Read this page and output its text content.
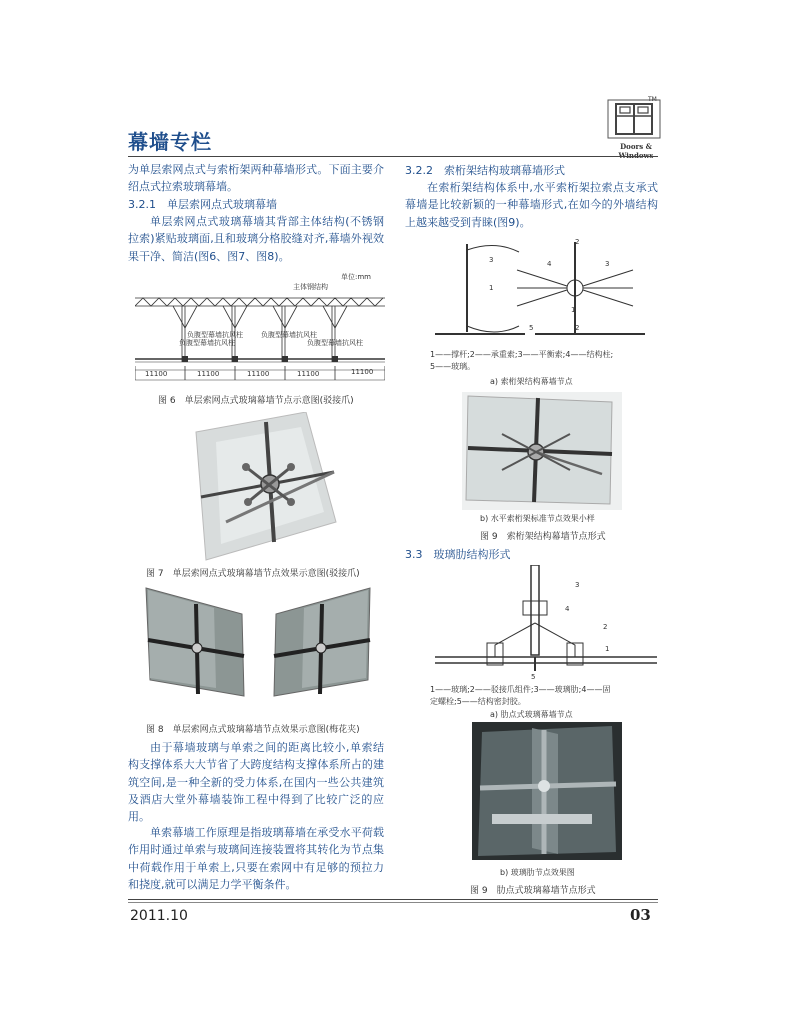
幕墙专栏
TM
Doors & Windows

为单层索网点式与索桁架两种幕墙形式。下面主要介绍点式拉索玻璃幕墙。

3.2.1　单层索网点式玻璃幕墙

单层索网点式玻璃幕墙其背部主体结构(不锈钢拉索)紧贴玻璃面,且和玻璃分格胶缝对齐,幕墙外视效果干净、简洁(图6、图7、图8)。

单位:mm
主体钢结构
负腹型幕墙抗风柱	负腹型幕墙抗风柱
负腹型幕墙抗风柱	负腹型幕墙抗风柱
11100	11100	11100	11100	11100
图 6　单层索网点式玻璃幕墙节点示意图(驳接爪)
图 7　单层索网点式玻璃幕墙节点效果示意图(驳接爪)
图 8　单层索网点式玻璃幕墙节点效果示意图(梅花夹)

由于幕墙玻璃与单索之间的距离比较小,单索结构支撑体系大大节省了大跨度结构支撑体系所占的建筑空间,是一种全新的受力体系,在国内一些公共建筑及酒店大堂外幕墙装饰工程中得到了比较广泛的应用。

单索幕墙工作原理是指玻璃幕墙在承受水平荷载作用时通过单索与玻璃间连接装置将其转化为节点集中荷载作用于单索上,只要在索网中有足够的预拉力和挠度,就可以满足力学平衡条件。

3.2.2　索桁架结构玻璃幕墙形式

在索桁架结构体系中,水平索桁架拉索点支承式幕墙是比较新颖的一种幕墙形式,在如今的外墙结构上越来越受到青睐(图9)。

3
1
4
2
3
1
5	2
1——撑杆;2——承重索;3——平衡索;4——结构柱;
5——玻璃。
a) 索桁架结构幕墙节点
b) 水平索桁架标准节点效果小样
图 9　索桁架结构幕墙节点形式
3.3　玻璃肋结构形式
3
4
2
1
5
1——玻璃;2——驳接爪组件;3——玻璃肋;4——固
定螺栓;5——结构密封胶。
a) 肋点式玻璃幕墙节点
b) 玻璃肋节点效果图
图 9　肋点式玻璃幕墙节点形式
2011.10	03
